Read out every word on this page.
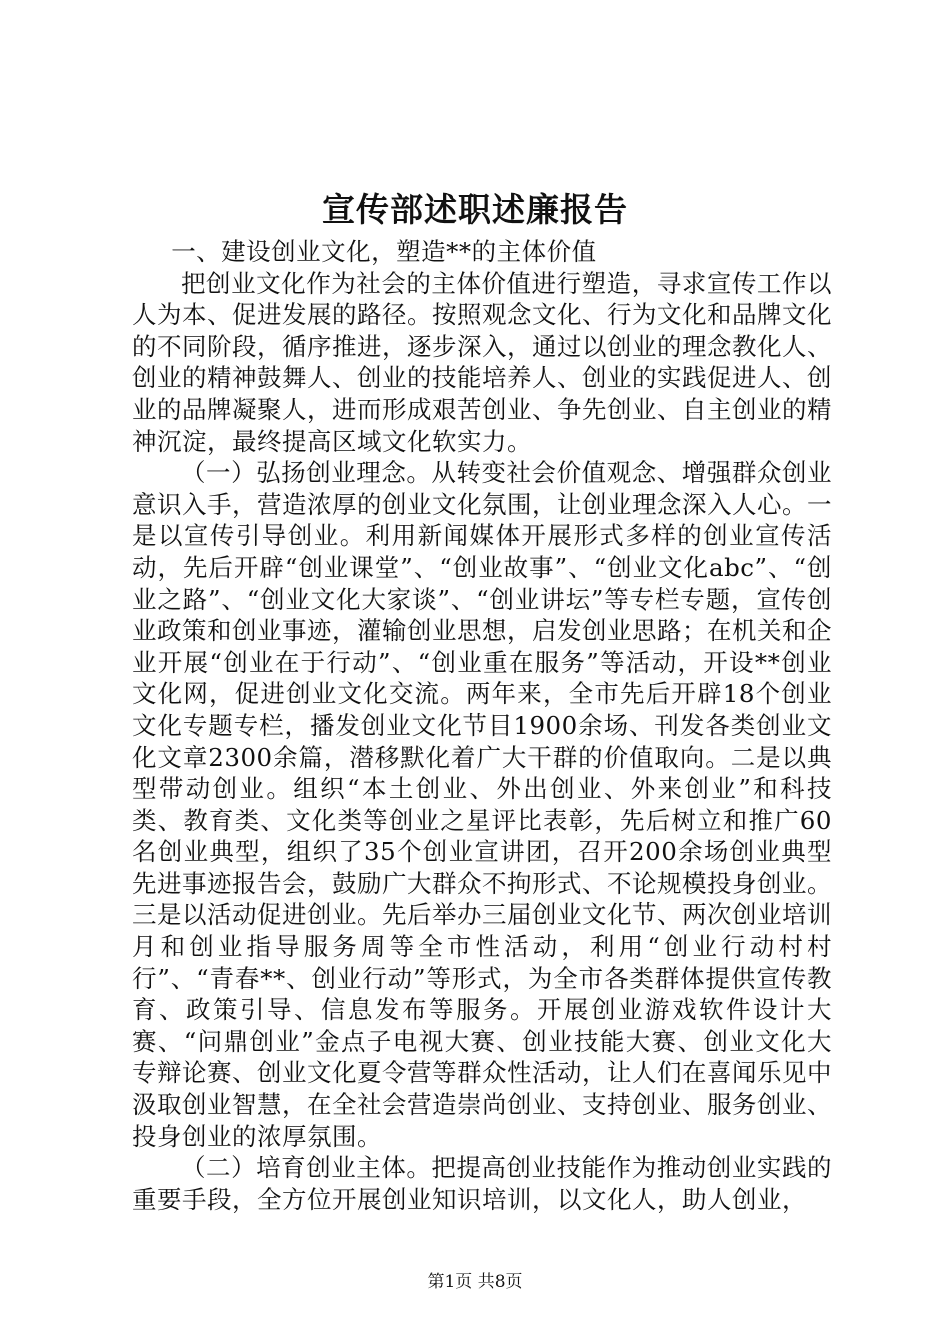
宣传部述职述廉报告

一、建设创业文化，塑造**的主体价值

把创业文化作为社会的主体价值进行塑造，寻求宣传工作以人为本、促进发展的路径。按照观念文化、行为文化和品牌文化的不同阶段，循序推进，逐步深入，通过以创业的理念教化人、创业的精神鼓舞人、创业的技能培养人、创业的实践促进人、创业的品牌凝聚人，进而形成艰苦创业、争先创业、自主创业的精神沉淀，最终提高区域文化软实力。

（一）弘扬创业理念。从转变社会价值观念、增强群众创业意识入手，营造浓厚的创业文化氛围，让创业理念深入人心。一是以宣传引导创业。利用新闻媒体开展形式多样的创业宣传活动，先后开辟“创业课堂”、“创业故事”、“创业文化abc”、“创业之路”、“创业文化大家谈”、“创业讲坛”等专栏专题，宣传创业政策和创业事迹，灌输创业思想，启发创业思路；在机关和企业开展“创业在于行动”、“创业重在服务”等活动，开设**创业文化网，促进创业文化交流。两年来，全市先后开辟18个创业文化专题专栏，播发创业文化节目1900余场、刊发各类创业文化文章2300余篇，潜移默化着广大干群的价值取向。二是以典型带动创业。组织“本土创业、外出创业、外来创业”和科技类、教育类、文化类等创业之星评比表彰，先后树立和推广60名创业典型，组织了35个创业宣讲团，召开200余场创业典型先进事迹报告会，鼓励广大群众不拘形式、不论规模投身创业。三是以活动促进创业。先后举办三届创业文化节、两次创业培训月和创业指导服务周等全市性活动，利用“创业行动村村行”、“青春**、创业行动”等形式，为全市各类群体提供宣传教育、政策引导、信息发布等服务。开展创业游戏软件设计大赛、“问鼎创业”金点子电视大赛、创业技能大赛、创业文化大专辩论赛、创业文化夏令营等群众性活动，让人们在喜闻乐见中汲取创业智慧，在全社会营造崇尚创业、支持创业、服务创业、投身创业的浓厚氛围。

（二）培育创业主体。把提高创业技能作为推动创业实践的重要手段，全方位开展创业知识培训，以文化人，助人创业，

第1页 共8页
